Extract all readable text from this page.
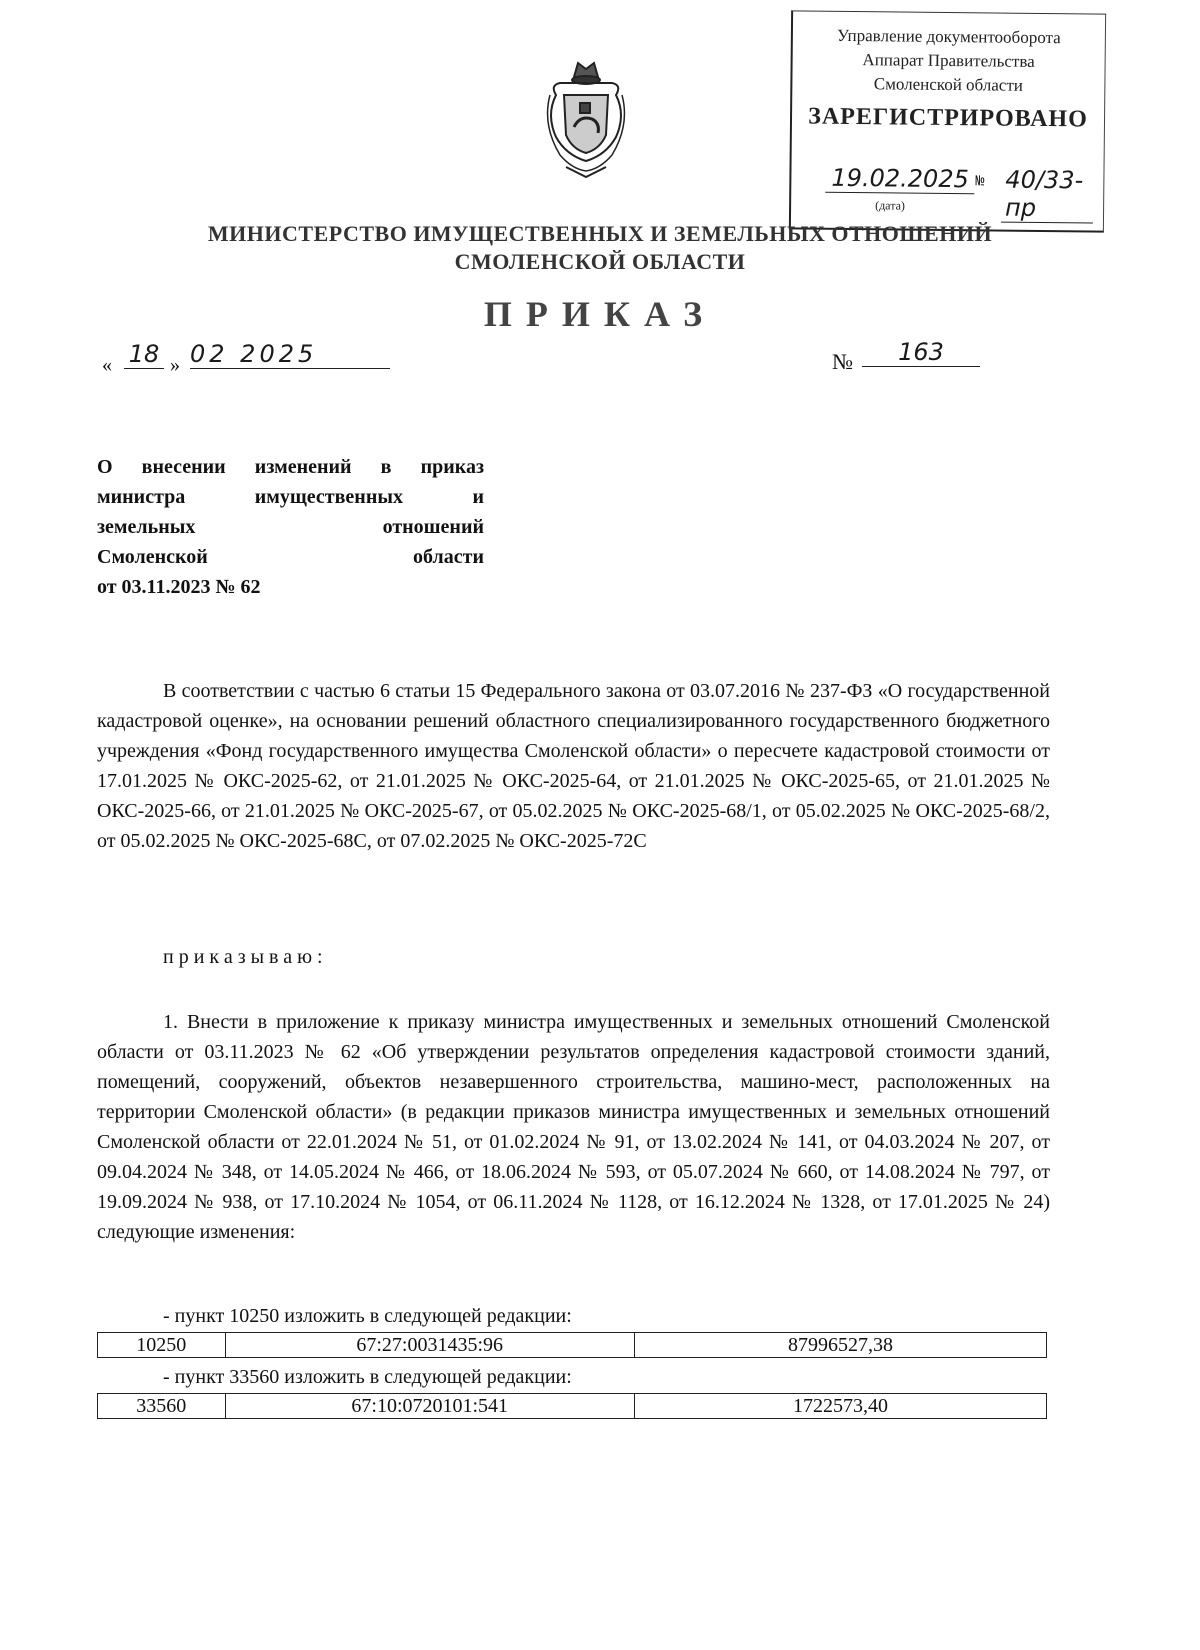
Управление документооборота
Аппарат Правительства
Смоленской области
ЗАРЕГИСТРИРОВАНО
19.02.2025 № 40/33-пр
(дата)
МИНИСТЕРСТВО ИМУЩЕСТВЕННЫХ И ЗЕМЕЛЬНЫХ ОТНОШЕНИЙ
СМОЛЕНСКОЙ ОБЛАСТИ
ПРИКАЗ
« 18 » 02 2025	№	163
О внесении изменений в приказ
министра имущественных и
земельных отношений
Смоленской области
от 03.11.2023 № 62
В соответствии с частью 6 статьи 15 Федерального закона от 03.07.2016 № 237-ФЗ «О государственной кадастровой оценке», на основании решений областного специализированного государственного бюджетного учреждения «Фонд государственного имущества Смоленской области» о пересчете кадастровой стоимости от 17.01.2025 № ОКС-2025-62, от 21.01.2025 № ОКС-2025-64, от 21.01.2025 № ОКС-2025-65, от 21.01.2025 № ОКС-2025-66, от 21.01.2025 № ОКС-2025-67, от 05.02.2025 № ОКС-2025-68/1, от 05.02.2025 № ОКС-2025-68/2, от 05.02.2025 № ОКС-2025-68С, от 07.02.2025 № ОКС-2025-72С
приказываю:
1. Внести в приложение к приказу министра имущественных и земельных отношений Смоленской области от 03.11.2023 № 62 «Об утверждении результатов определения кадастровой стоимости зданий, помещений, сооружений, объектов незавершенного строительства, машино-мест, расположенных на территории Смоленской области» (в редакции приказов министра имущественных и земельных отношений Смоленской области от 22.01.2024 № 51, от 01.02.2024 № 91, от 13.02.2024 № 141, от 04.03.2024 № 207, от 09.04.2024 № 348, от 14.05.2024 № 466, от 18.06.2024 № 593, от 05.07.2024 № 660, от 14.08.2024 № 797, от 19.09.2024 № 938, от 17.10.2024 № 1054, от 06.11.2024 № 1128, от 16.12.2024 № 1328, от 17.01.2025 № 24) следующие изменения:
- пункт 10250 изложить в следующей редакции:
10250	67:27:0031435:96	87996527,38
- пункт 33560 изложить в следующей редакции:
33560	67:10:0720101:541	1722573,40
